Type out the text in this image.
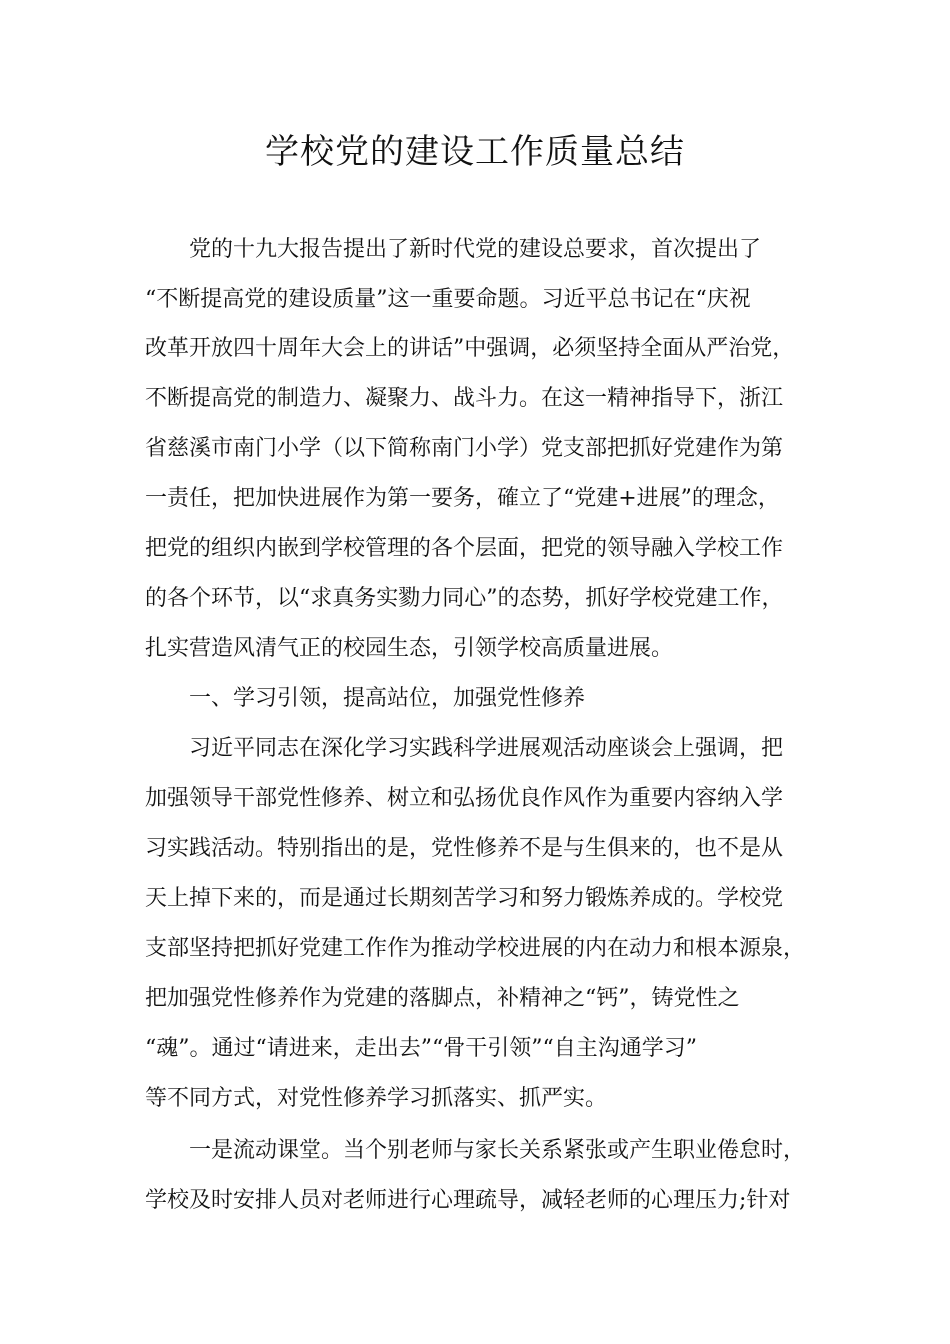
学校党的建设工作质量总结

　　党的十九大报告提出了新时代党的建设总要求，首次提出了

“不断提高党的建设质量”这一重要命题。习近平总书记在“庆祝

改革开放四十周年大会上的讲话”中强调，必须坚持全面从严治党，

不断提高党的制造力、凝聚力、战斗力。在这一精神指导下，浙江

省慈溪市南门小学（以下简称南门小学）党支部把抓好党建作为第

一责任，把加快进展作为第一要务，確立了“党建+进展”的理念，

把党的组织内嵌到学校管理的各个层面，把党的领导融入学校工作

的各个环节，以“求真务实勠力同心”的态势，抓好学校党建工作，

扎实营造风清气正的校园生态，引领学校高质量进展。

　　一、学习引领，提高站位，加强党性修养

　　习近平同志在深化学习实践科学进展观活动座谈会上强调，把

加强领导干部党性修养、树立和弘扬优良作风作为重要内容纳入学

习实践活动。特别指出的是，党性修养不是与生俱来的，也不是从

天上掉下来的，而是通过长期刻苦学习和努力锻炼养成的。学校党

支部坚持把抓好党建工作作为推动学校进展的内在动力和根本源泉，

把加强党性修养作为党建的落脚点，补精神之“钙”，铸党性之

“魂”。通过“请进来，走出去”“骨干引领”“自主沟通学习”

等不同方式，对党性修养学习抓落实、抓严实。

　　一是流动课堂。当个别老师与家长关系紧张或产生职业倦怠时，

学校及时安排人员对老师进行心理疏导，减轻老师的心理压力;针对
